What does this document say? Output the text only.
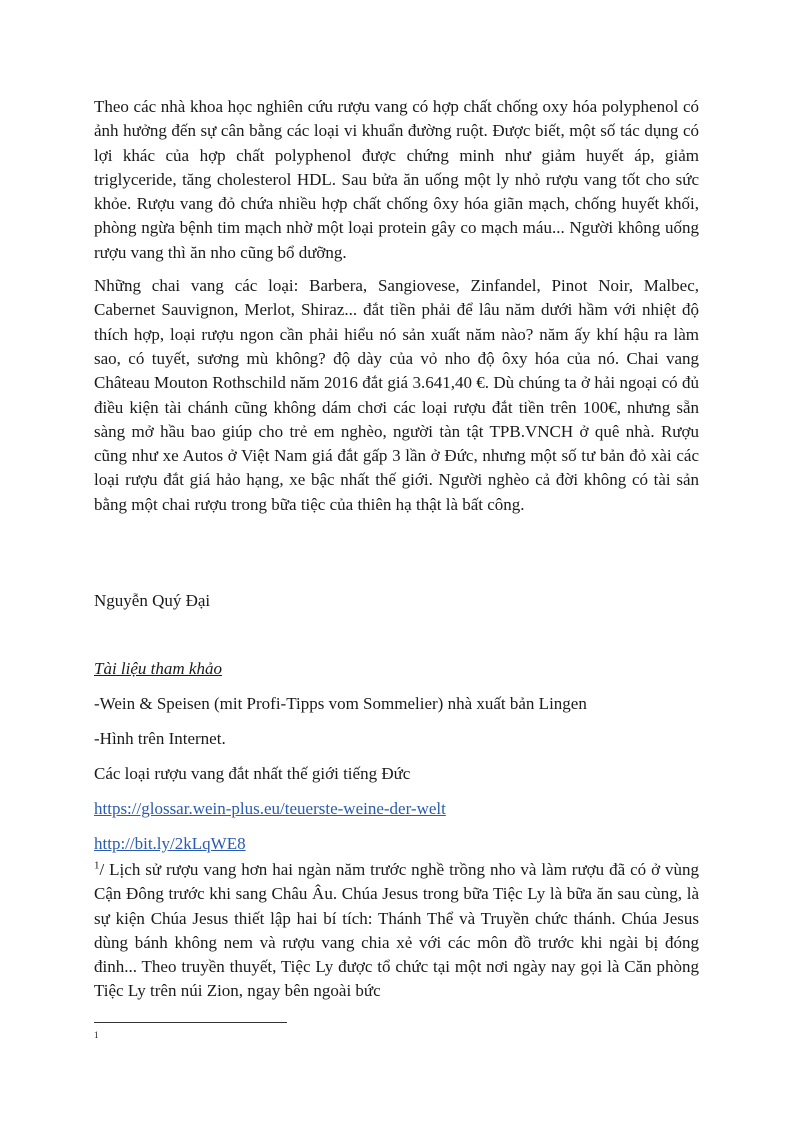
Theo các nhà khoa học nghiên cứu rượu vang có hợp chất chống oxy hóa polyphenol có ảnh hưởng đến sự cân bằng các loại vi khuẩn đường ruột. Được biết, một số tác dụng có lợi khác của hợp chất polyphenol được chứng minh như giảm huyết áp, giảm triglyceride, tăng cholesterol HDL. Sau bửa ăn uống một ly nhỏ rượu vang tốt cho sức khỏe. Rượu vang đỏ chứa nhiều hợp chất chống ôxy hóa giãn mạch, chống huyết khối, phòng ngừa bệnh tim mạch nhờ một loại protein gây co mạch máu... Người không uống rượu vang thì ăn nho cũng bổ dưỡng.

Những chai vang các loại: Barbera, Sangiovese, Zinfandel, Pinot Noir, Malbec, Cabernet Sauvignon, Merlot, Shiraz... đắt tiền phải để lâu năm dưới hầm với nhiệt độ thích hợp, loại rượu ngon cần phải hiểu nó sản xuất năm nào? năm ấy khí hậu ra làm sao, có tuyết, sương mù không? độ dày của vỏ nho độ ôxy hóa của nó. Chai vang Château Mouton Rothschild năm 2016 đắt giá 3.641,40 €. Dù chúng ta ở hải ngoại có đủ điều kiện tài chánh cũng không dám chơi các loại rượu đắt tiền trên 100€, nhưng sẵn sàng mở hầu bao giúp cho trẻ em nghèo, người tàn tật TPB.VNCH ở quê nhà. Rượu cũng như xe Autos ở Việt Nam giá đắt gấp 3 lần ở Đức, nhưng một số tư bản đỏ xài các loại rượu đắt giá hảo hạng, xe bậc nhất thế giới. Người nghèo cả đời không có tài sản bằng một chai rượu trong bữa tiệc của thiên hạ thật là bất công.

Nguyễn Quý Đại

Tài liệu tham khảo

-Wein & Speisen (mit Profi-Tipps vom Sommelier) nhà xuất bản Lingen

-Hình trên Internet.

Các loại rượu vang đắt nhất thế giới tiếng Đức

https://glossar.wein-plus.eu/teuerste-weine-der-welt

http://bit.ly/2kLqWE8

$^1$/ Lịch sử rượu vang hơn hai ngàn năm trước nghề trồng nho và làm rượu đã có ở vùng Cận Đông trước khi sang Châu Âu. Chúa Jesus trong bữa Tiệc Ly là bữa ăn sau cùng, là sự kiện Chúa Jesus thiết lập hai bí tích: Thánh Thể và Truyền chức thánh. Chúa Jesus dùng bánh không nem và rượu vang chia xẻ với các môn đồ trước khi ngài bị đóng đinh... Theo truyền thuyết, Tiệc Ly được tổ chức tại một nơi ngày nay gọi là Căn phòng Tiệc Ly trên núi Zion, ngay bên ngoài bức

1
